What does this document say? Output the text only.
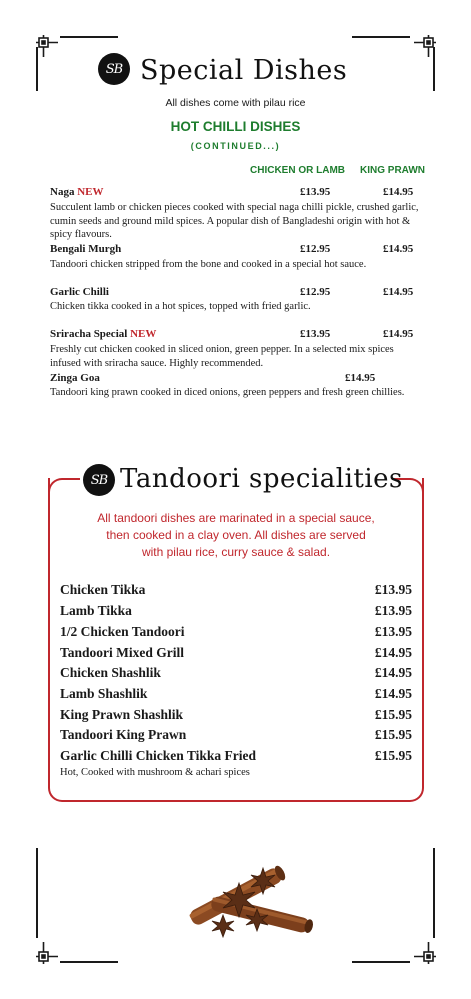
SB Special Dishes
All dishes come with pilau rice
HOT CHILLI DISHES
(CONTINUED...)
CHICKEN OR LAMB KING PRAWN
Naga NEW	£13.95	£14.95
Succulent lamb or chicken pieces cooked with special naga chilli pickle, crushed garlic, cumin seeds and ground mild spices. A popular dish of Bangladeshi origin with hot & spicy flavours.
Bengali Murgh	£12.95	£14.95
Tandoori chicken stripped from the bone and cooked in a special hot sauce.
Garlic Chilli	£12.95	£14.95
Chicken tikka cooked in a hot spices, topped with fried garlic.
Sriracha Special NEW	£13.95	£14.95
Freshly cut chicken cooked in sliced onion, green pepper. In a selected mix spices infused with sriracha sauce. Highly recommended.
Zinga Goa	£14.95
Tandoori king prawn cooked in diced onions, green peppers and fresh green chillies.
SB Tandoori specialities
All tandoori dishes are marinated in a special sauce,
then cooked in a clay oven. All dishes are served
with pilau rice, curry sauce & salad.
Chicken Tikka	£13.95
Lamb Tikka	£13.95
1/2 Chicken Tandoori	£13.95
Tandoori Mixed Grill	£14.95
Chicken Shashlik	£14.95
Lamb Shashlik	£14.95
King Prawn Shashlik	£15.95
Tandoori King Prawn	£15.95
Garlic Chilli Chicken Tikka Fried	£15.95
Hot, Cooked with mushroom & achari spices
